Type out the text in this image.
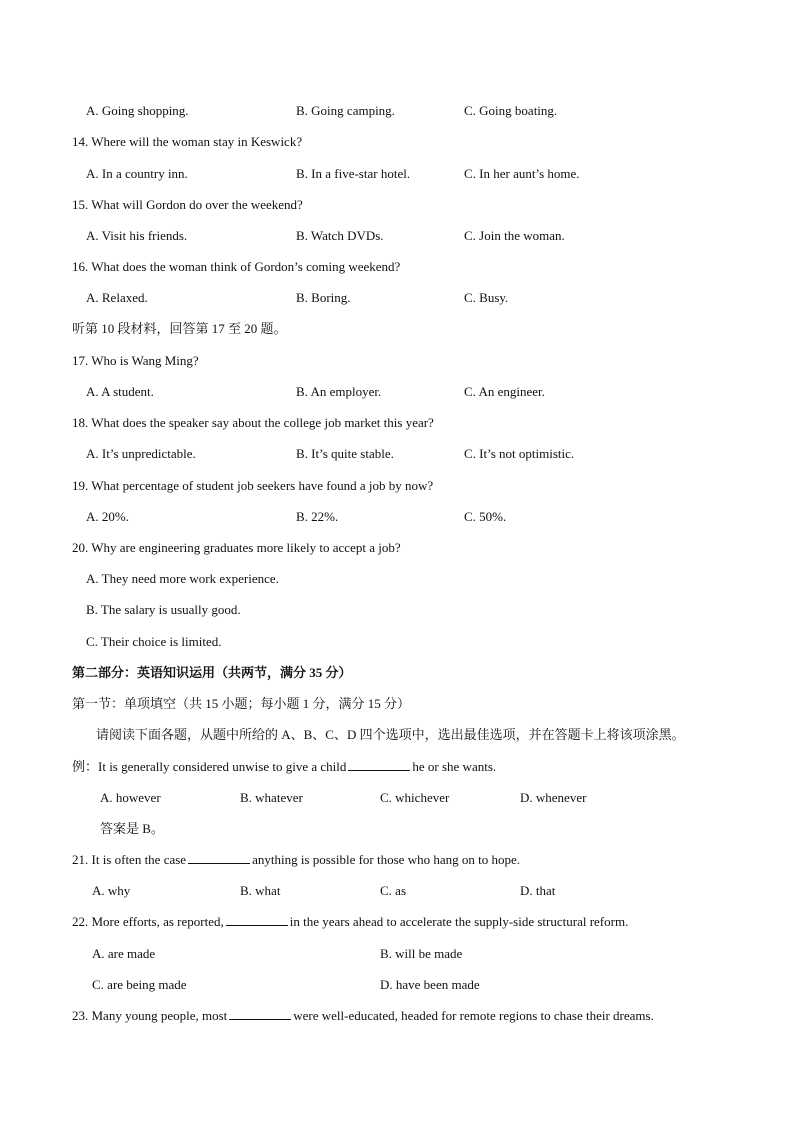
A. Going shopping.	B. Going camping.	C. Going boating.
14. Where will the woman stay in Keswick?
A. In a country inn.	B. In a five-star hotel.	C. In her aunt’s home.
15. What will Gordon do over the weekend?
A. Visit his friends.	B. Watch DVDs.	C. Join the woman.
16. What does the woman think of Gordon’s coming weekend?
A. Relaxed.	B. Boring.	C. Busy.
听第 10 段材料，回答第 17 至 20 题。
17. Who is Wang Ming?
A. A student.	B. An employer.	C. An engineer.
18. What does the speaker say about the college job market this year?
A. It’s unpredictable.	B. It’s quite stable.	C. It’s not optimistic.
19. What percentage of student job seekers have found a job by now?
A. 20%.	B. 22%.	C. 50%.
20. Why are engineering graduates more likely to accept a job?
A. They need more work experience.
B. The salary is usually good.
C. Their choice is limited.
第二部分：英语知识运用（共两节，满分 35 分）
第一节：单项填空（共 15 小题；每小题 1 分，满分 15 分）
请阅读下面各题，从题中所给的 A、B、C、D 四个选项中，选出最佳选项，并在答题卡上将该项涂黑。
例：It is generally considered unwise to give a child	he or she wants.
A. however	B. whatever	C. whichever	D. whenever
答案是 B。
21. It is often the case	anything is possible for those who hang on to hope.
A. why	B. what	C. as	D. that
22. More efforts, as reported,	in the years ahead to accelerate the supply-side structural reform.
A. are made	B. will be made
C. are being made	D. have been made
23. Many young people, most	were well-educated, headed for remote regions to chase their dreams.
